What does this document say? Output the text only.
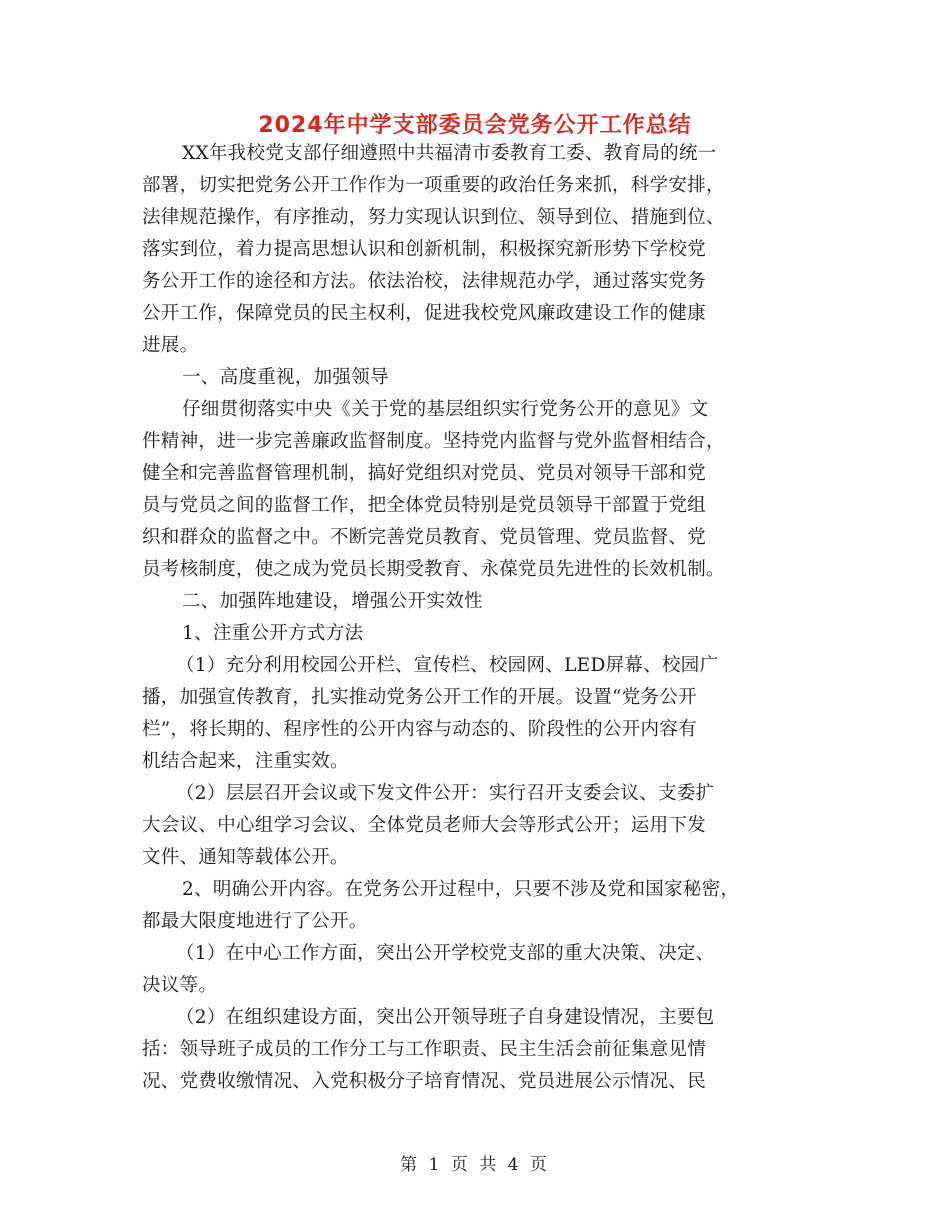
2024年中学支部委员会党务公开工作总结
XX年我校党支部仔细遵照中共福清市委教育工委、教育局的统一
部署，切实把党务公开工作作为一项重要的政治任务来抓，科学安排，
法律规范操作，有序推动，努力实现认识到位、领导到位、措施到位、
落实到位，着力提高思想认识和创新机制，积极探究新形势下学校党
务公开工作的途径和方法。依法治校，法律规范办学，通过落实党务
公开工作，保障党员的民主权利，促进我校党风廉政建设工作的健康
进展。
一、高度重视，加强领导
仔细贯彻落实中央《关于党的基层组织实行党务公开的意见》文
件精神，进一步完善廉政监督制度。坚持党内监督与党外监督相结合，
健全和完善监督管理机制，搞好党组织对党员、党员对领导干部和党
员与党员之间的监督工作，把全体党员特别是党员领导干部置于党组
织和群众的监督之中。不断完善党员教育、党员管理、党员监督、党
员考核制度，使之成为党员长期受教育、永葆党员先进性的长效机制。
二、加强阵地建设，增强公开实效性
1、注重公开方式方法
（1）充分利用校园公开栏、宣传栏、校园网、LED屏幕、校园广
播，加强宣传教育，扎实推动党务公开工作的开展。设置“党务公开
栏”，将长期的、程序性的公开内容与动态的、阶段性的公开内容有
机结合起来，注重实效。
（2）层层召开会议或下发文件公开：实行召开支委会议、支委扩
大会议、中心组学习会议、全体党员老师大会等形式公开；运用下发
文件、通知等载体公开。
2、明确公开内容。在党务公开过程中，只要不涉及党和国家秘密，
都最大限度地进行了公开。
（1）在中心工作方面，突出公开学校党支部的重大决策、决定、
决议等。
（2）在组织建设方面，突出公开领导班子自身建设情况，主要包
括：领导班子成员的工作分工与工作职责、民主生活会前征集意见情
况、党费收缴情况、入党积极分子培育情况、党员进展公示情况、民
第 1 页 共 4 页
